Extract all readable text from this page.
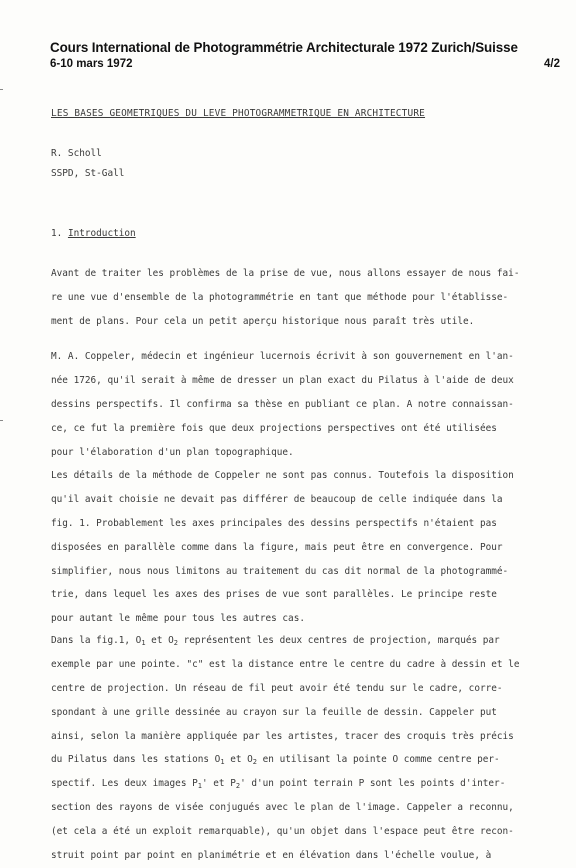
Cours International de Photogrammétrie Architecturale 1972 Zurich/Suisse
6-10 mars 1972	4/2
LES BASES GEOMETRIQUES DU LEVE PHOTOGRAMMETRIQUE EN ARCHITECTURE
R. Scholl
SSPD, St-Gall
1. Introduction
Avant de traiter les problèmes de la prise de vue, nous allons essayer de nous fai-
re une vue d'ensemble de la photogrammétrie en tant que méthode pour l'établisse-
ment de plans. Pour cela un petit aperçu historique nous paraît très utile.
M. A. Coppeler, médecin et ingénieur lucernois écrivit à son gouvernement en l'an-
née 1726, qu'il serait à même de dresser un plan exact du Pilatus à l'aide de deux
dessins perspectifs. Il confirma sa thèse en publiant ce plan. A notre connaissan-
ce, ce fut la première fois que deux projections perspectives ont été utilisées
pour l'élaboration d'un plan topographique.
Les détails de la méthode de Coppeler ne sont pas connus. Toutefois la disposition
qu'il avait choisie ne devait pas différer de beaucoup de celle indiquée dans la
fig. 1. Probablement les axes principales des dessins perspectifs n'étaient pas
disposées en parallèle comme dans la figure, mais peut être en convergence. Pour
simplifier, nous nous limitons au traitement du cas dit normal de la photogrammé-
trie, dans lequel les axes des prises de vue sont parallèles. Le principe reste
pour autant le même pour tous les autres cas.
Dans la fig.1, $O_1$ et $O_2$ représentent les deux centres de projection, marqués par
exemple par une pointe. "c" est la distance entre le centre du cadre à dessin et le
centre de projection. Un réseau de fil peut avoir été tendu sur le cadre, corre-
spondant à une grille dessinée au crayon sur la feuille de dessin. Cappeler put
ainsi, selon la manière appliquée par les artistes, tracer des croquis très précis
du Pilatus dans les stations $O_1$ et $O_2$ en utilisant la pointe O comme centre per-
spectif. Les deux images $P_1'$ et $P_2'$ d'un point terrain P sont les points d'inter-
section des rayons de visée conjugués avec le plan de l'image. Cappeler a reconnu,
(et cela a été un exploit remarquable), qu'un objet dans l'espace peut être recon-
struit point par point en planimétrie et en élévation dans l'échelle voulue, à
